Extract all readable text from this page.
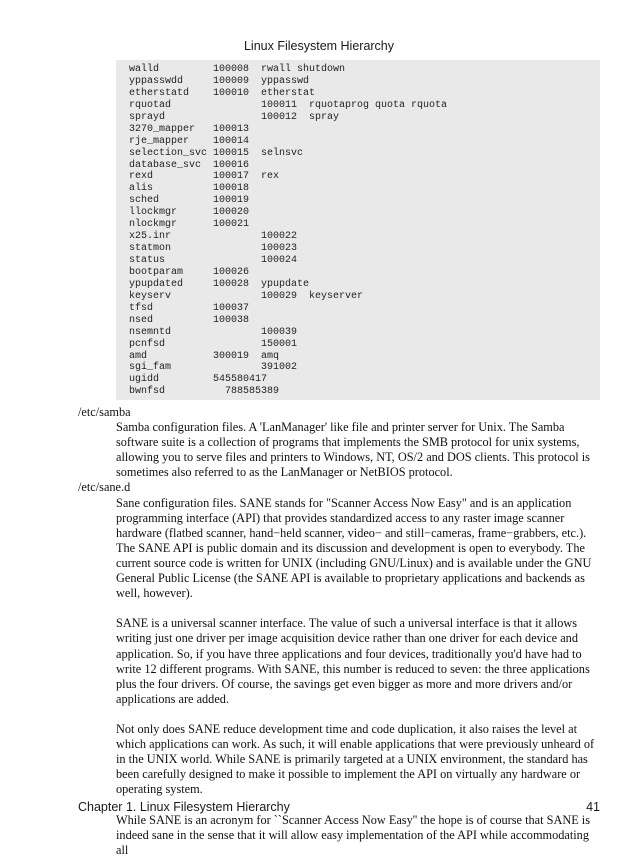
Linux Filesystem Hierarchy
walld         100008  rwall shutdown
yppasswdd     100009  yppasswd
etherstatd    100010  etherstat
rquotad               100011  rquotaprog quota rquota
sprayd                100012  spray
3270_mapper   100013
rje_mapper    100014
selection_svc 100015  selnsvc
database_svc  100016
rexd          100017  rex
alis          100018
sched         100019
llockmgr      100020
nlockmgr      100021
x25.inr               100022
statmon               100023
status                100024
bootparam     100026
ypupdated     100028  ypupdate
keyserv               100029  keyserver
tfsd          100037
nsed          100038
nsemntd               100039
pcnfsd                150001
amd           300019  amq
sgi_fam               391002
ugidd         545580417
bwnfsd          788585389

/etc/samba

Samba configuration files. A 'LanManager' like file and printer server for Unix. The Samba software suite is a collection of programs that implements the SMB protocol for unix systems, allowing you to serve files and printers to Windows, NT, OS/2 and DOS clients. This protocol is sometimes also referred to as the LanManager or NetBIOS protocol.

/etc/sane.d

Sane configuration files. SANE stands for "Scanner Access Now Easy" and is an application programming interface (API) that provides standardized access to any raster image scanner hardware (flatbed scanner, hand−held scanner, video− and still−cameras, frame−grabbers, etc.). The SANE API is public domain and its discussion and development is open to everybody. The current source code is written for UNIX (including GNU/Linux) and is available under the GNU General Public License (the SANE API is available to proprietary applications and backends as well, however).

SANE is a universal scanner interface. The value of such a universal interface is that it allows writing just one driver per image acquisition device rather than one driver for each device and application. So, if you have three applications and four devices, traditionally you'd have had to write 12 different programs. With SANE, this number is reduced to seven: the three applications plus the four drivers. Of course, the savings get even bigger as more and more drivers and/or applications are added.

Not only does SANE reduce development time and code duplication, it also raises the level at which applications can work. As such, it will enable applications that were previously unheard of in the UNIX world. While SANE is primarily targeted at a UNIX environment, the standard has been carefully designed to make it possible to implement the API on virtually any hardware or operating system.

While SANE is an acronym for ``Scanner Access Now Easy'' the hope is of course that SANE is indeed sane in the sense that it will allow easy implementation of the API while accommodating all

Chapter 1. Linux Filesystem Hierarchy	41
